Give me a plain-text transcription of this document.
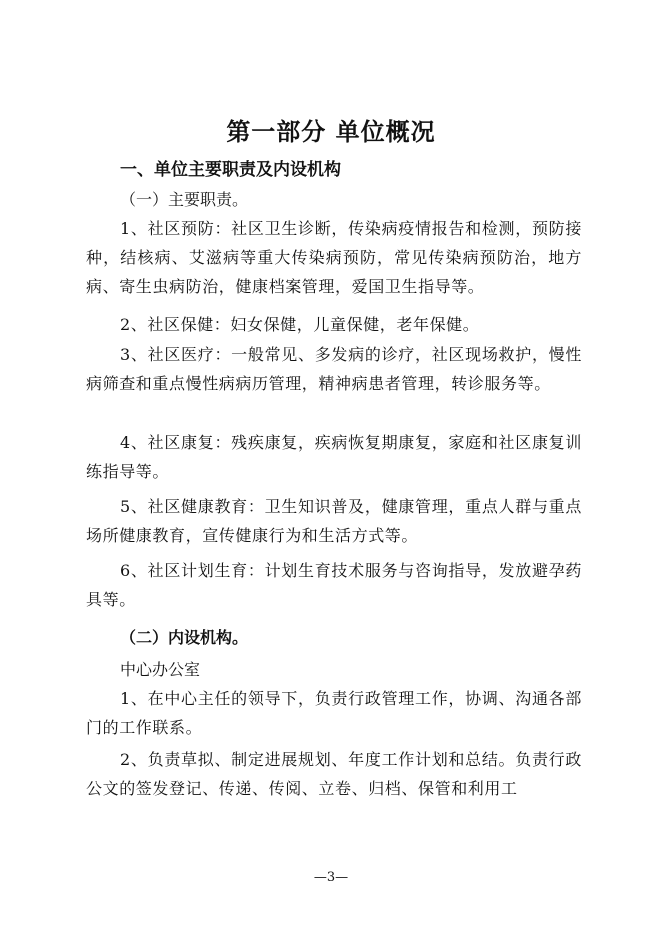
第一部分 单位概况
一、单位主要职责及内设机构
（一）主要职责。
1、社区预防：社区卫生诊断，传染病疫情报告和检测，预防接种，结核病、艾滋病等重大传染病预防，常见传染病预防治，地方病、寄生虫病防治，健康档案管理，爱国卫生指导等。
2、社区保健：妇女保健，儿童保健，老年保健。
3、社区医疗：一般常见、多发病的诊疗，社区现场救护，慢性病筛查和重点慢性病病历管理，精神病患者管理，转诊服务等。
4、社区康复：残疾康复，疾病恢复期康复，家庭和社区康复训练指导等。
5、社区健康教育：卫生知识普及，健康管理，重点人群与重点场所健康教育，宣传健康行为和生活方式等。
6、社区计划生育：计划生育技术服务与咨询指导，发放避孕药具等。
（二）内设机构。
中心办公室
1、在中心主任的领导下，负责行政管理工作，协调、沟通各部门的工作联系。
2、负责草拟、制定进展规划、年度工作计划和总结。负责行政公文的签发登记、传递、传阅、立卷、归档、保管和利用工
—3—
